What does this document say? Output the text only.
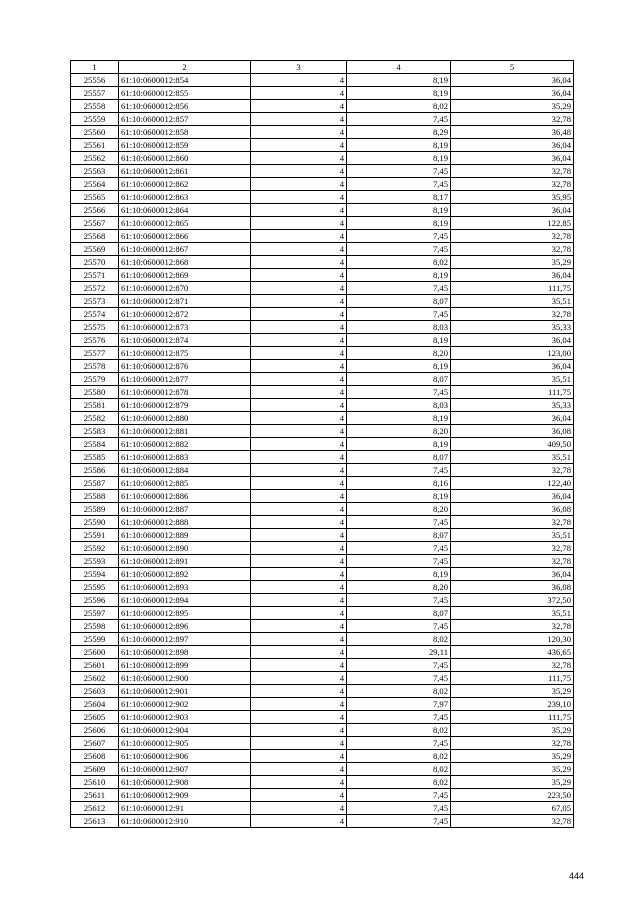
1	2	3	4	5
25556	61:10:0600012:854	4	8,19	36,04
25557	61:10:0600012:855	4	8,19	36,04
25558	61:10:0600012:856	4	8,02	35,29
25559	61:10:0600012:857	4	7,45	32,78
25560	61:10:0600012:858	4	8,29	36,48
25561	61:10:0600012:859	4	8,19	36,04
25562	61:10:0600012:860	4	8,19	36,04
25563	61:10:0600012:861	4	7,45	32,78
25564	61:10:0600012:862	4	7,45	32,78
25565	61:10:0600012:863	4	8,17	35,95
25566	61:10:0600012:864	4	8,19	36,04
25567	61:10:0600012:865	4	8,19	122,85
25568	61:10:0600012:866	4	7,45	32,78
25569	61:10:0600012:867	4	7,45	32,78
25570	61:10:0600012:868	4	8,02	35,29
25571	61:10:0600012:869	4	8,19	36,04
25572	61:10:0600012:870	4	7,45	111,75
25573	61:10:0600012:871	4	8,07	35,51
25574	61:10:0600012:872	4	7,45	32,78
25575	61:10:0600012:873	4	8,03	35,33
25576	61:10:0600012:874	4	8,19	36,04
25577	61:10:0600012:875	4	8,20	123,00
25578	61:10:0600012:876	4	8,19	36,04
25579	61:10:0600012:877	4	8,07	35,51
25580	61:10:0600012:878	4	7,45	111,75
25581	61:10:0600012:879	4	8,03	35,33
25582	61:10:0600012:880	4	8,19	36,04
25583	61:10:0600012:881	4	8,20	36,08
25584	61:10:0600012:882	4	8,19	409,50
25585	61:10:0600012:883	4	8,07	35,51
25586	61:10:0600012:884	4	7,45	32,78
25587	61:10:0600012:885	4	8,16	122,40
25588	61:10:0600012:886	4	8,19	36,04
25589	61:10:0600012:887	4	8,20	36,08
25590	61:10:0600012:888	4	7,45	32,78
25591	61:10:0600012:889	4	8,07	35,51
25592	61:10:0600012:890	4	7,45	32,78
25593	61:10:0600012:891	4	7,45	32,78
25594	61:10:0600012:892	4	8,19	36,04
25595	61:10:0600012:893	4	8,20	36,08
25596	61:10:0600012:894	4	7,45	372,50
25597	61:10:0600012:895	4	8,07	35,51
25598	61:10:0600012:896	4	7,45	32,78
25599	61:10:0600012:897	4	8,02	120,30
25600	61:10:0600012:898	4	29,11	436,65
25601	61:10:0600012:899	4	7,45	32,78
25602	61:10:0600012:900	4	7,45	111,75
25603	61:10:0600012:901	4	8,02	35,29
25604	61:10:0600012:902	4	7,97	239,10
25605	61:10:0600012:903	4	7,45	111,75
25606	61:10:0600012:904	4	8,02	35,29
25607	61:10:0600012:905	4	7,45	32,78
25608	61:10:0600012:906	4	8,02	35,29
25609	61:10:0600012:907	4	8,02	35,29
25610	61:10:0600012:908	4	8,02	35,29
25611	61:10:0600012:909	4	7,45	223,50
25612	61:10:0600012:91	4	7,45	67,05
25613	61:10:0600012:910	4	7,45	32,78
444
